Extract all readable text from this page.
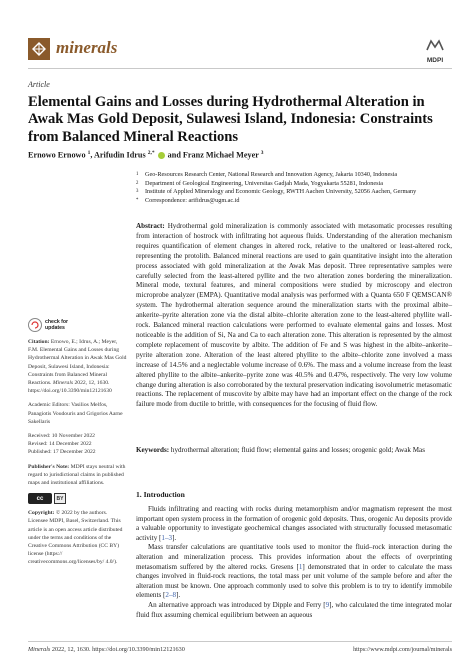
minerals
MDPI
Article
Elemental Gains and Losses during Hydrothermal Alteration in Awak Mas Gold Deposit, Sulawesi Island, Indonesia: Constraints from Balanced Mineral Reactions
Ernowo Ernowo $^1$, Arifudin Idrus $^{2,*}$  and Franz Michael Meyer $^3$
1	Geo-Resources Research Center, National Research and Innovation Agency, Jakarta 10340, Indonesia
2	Department of Geological Engineering, Universitas Gadjah Mada, Yogyakarta 55281, Indonesia
3	Institute of Applied Mineralogy and Economic Geology, RWTH Aachen University, 52056 Aachen, Germany
*	Correspondence: arifidrus@ugm.ac.id
Abstract: Hydrothermal gold mineralization is commonly associated with metasomatic processes resulting from interaction of hostrock with infiltrating hot aqueous fluids. Understanding of the alteration mechanism requires quantification of element changes in altered rock, relative to the unaltered or least-altered rock, representing the protolith. Balanced mineral reactions are used to gain quantitative insight into the alteration process associated with gold mineralization at the Awak Mas deposit. Three representative samples were carefully selected from the least-altered pyllite and the two alteration zones bordering the mineralization. Mineral mode, textural features, and mineral compositions were studied by microscopy and electron microprobe analyzer (EMPA). Quantitative modal analysis was performed with a Quanta 650 F QEMSCAN® system. The hydrothermal alteration sequence around the mineralization starts with the proximal albite–ankerite–pyrite alteration zone via the distal albite–chlorite alteration zone to the least-altered phyllite wall-rock. Balanced mineral reaction calculations were performed to evaluate elemental gains and losses. Most noticeable is the addition of Si, Na and Ca to each alteration zone. This alteration is represented by the almost complete replacement of muscovite by albite. The addition of Fe and S was highest in the albite–ankerite–pyrite alteration zone. Alteration of the least altered phyllite to the albite–chlorite zone involved a mass increase of 14.5% and a neglectable volume increase of 0.6%. The mass and a volume increase from the least altered phyllite to the albite–ankerite–pyrite zone was 40.5% and 0.47%, respectively. The very low volume change during alteration is also corroborated by the textural preservation indicating isovolumetric metasomatic reactions. The replacement of muscovite by albite may have had an important effect on the change of the rock failure mode from ductile to brittle, with consequences for the focusing of fluid flow.
Keywords: hydrothermal alteration; fluid flow; elemental gains and losses; orogenic gold; Awak Mas
check for
updates
Citation: Ernowo, E.; Idrus, A.; Meyer, F.M. Elemental Gains and Losses during Hydrothermal Alteration in Awak Mas Gold Deposit, Sulawesi Island, Indonesia: Constraints from Balanced Mineral Reactions. Minerals 2022, 12, 1630. https://doi.org/10.3390/min12121630
Academic Editors: Vasilios Melfos, Panagiotis Voudouris and Grigorios Aarne Sakellaris
Received: 10 November 2022
Revised: 14 December 2022
Published: 17 December 2022
Publisher's Note: MDPI stays neutral with regard to jurisdictional claims in published maps and institutional affiliations.
cc	BY
Copyright: © 2022 by the authors. Licensee MDPI, Basel, Switzerland. This article is an open access article distributed under the terms and conditions of the Creative Commons Attribution (CC BY) license (https:// creativecommons.org/licenses/by/ 4.0/).
1. Introduction

Fluids infiltrating and reacting with rocks during metamorphism and/or magmatism represent the most important open system process in the formation of orogenic gold deposits. Thus, orogenic Au deposits provide a valuable opportunity to investigate geochemical changes associated with structurally focussed metasomatic activity [1–3].

Mass transfer calculations are quantitative tools used to monitor the fluid–rock interaction during the alteration and mineralization process. This provides information about the effects of overprinting metasomatism suffered by the altered rocks. Gresens [1] demonstrated that in order to calculate the mass changes involved in fluid-rock reactions, the total mass per unit volume of the sample before and after the alteration must be known. One approach commonly used to solve this problem is to try to identify immobile elements [2–8].

An alternative approach was introduced by Dipple and Ferry [9], who calculated the time integrated molar fluid flux assuming chemical equilibrium between an aqueous

Minerals 2022, 12, 1630. https://doi.org/10.3390/min12121630	https://www.mdpi.com/journal/minerals
